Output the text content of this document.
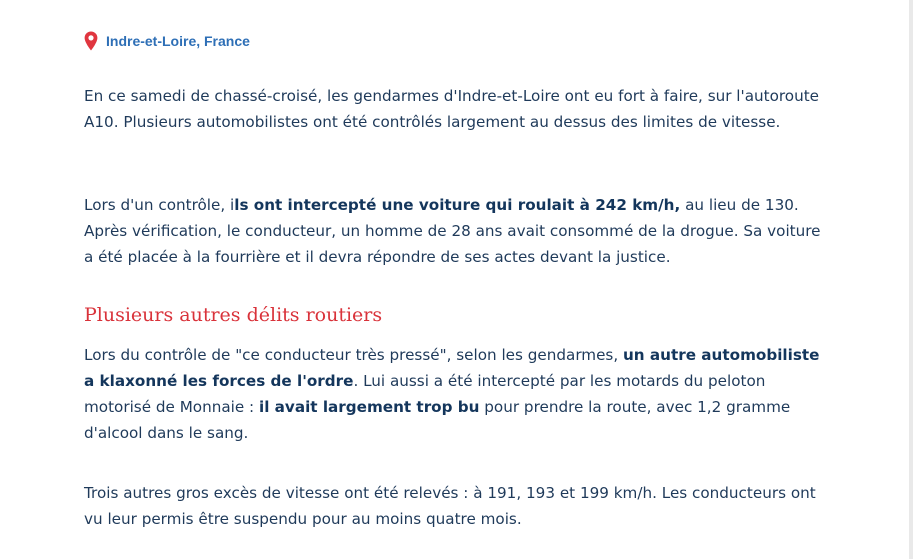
Indre-et-Loire, France

En ce samedi de chassé-croisé, les gendarmes d'Indre-et-Loire ont eu fort à faire, sur l'autoroute A10. Plusieurs automobilistes ont été contrôlés largement au dessus des limites de vitesse.

Lors d'un contrôle, ils ont intercepté une voiture qui roulait à 242 km/h, au lieu de 130. Après vérification, le conducteur, un homme de 28 ans avait consommé de la drogue. Sa voiture a été placée à la fourrière et il devra répondre de ses actes devant la justice.

Plusieurs autres délits routiers

Lors du contrôle de "ce conducteur très pressé", selon les gendarmes, un autre automobiliste a klaxonné les forces de l'ordre. Lui aussi a été intercepté par les motards du peloton motorisé de Monnaie : il avait largement trop bu pour prendre la route, avec 1,2 gramme d'alcool dans le sang.

Trois autres gros excès de vitesse ont été relevés : à 191, 193 et 199 km/h. Les conducteurs ont vu leur permis être suspendu pour au moins quatre mois.
